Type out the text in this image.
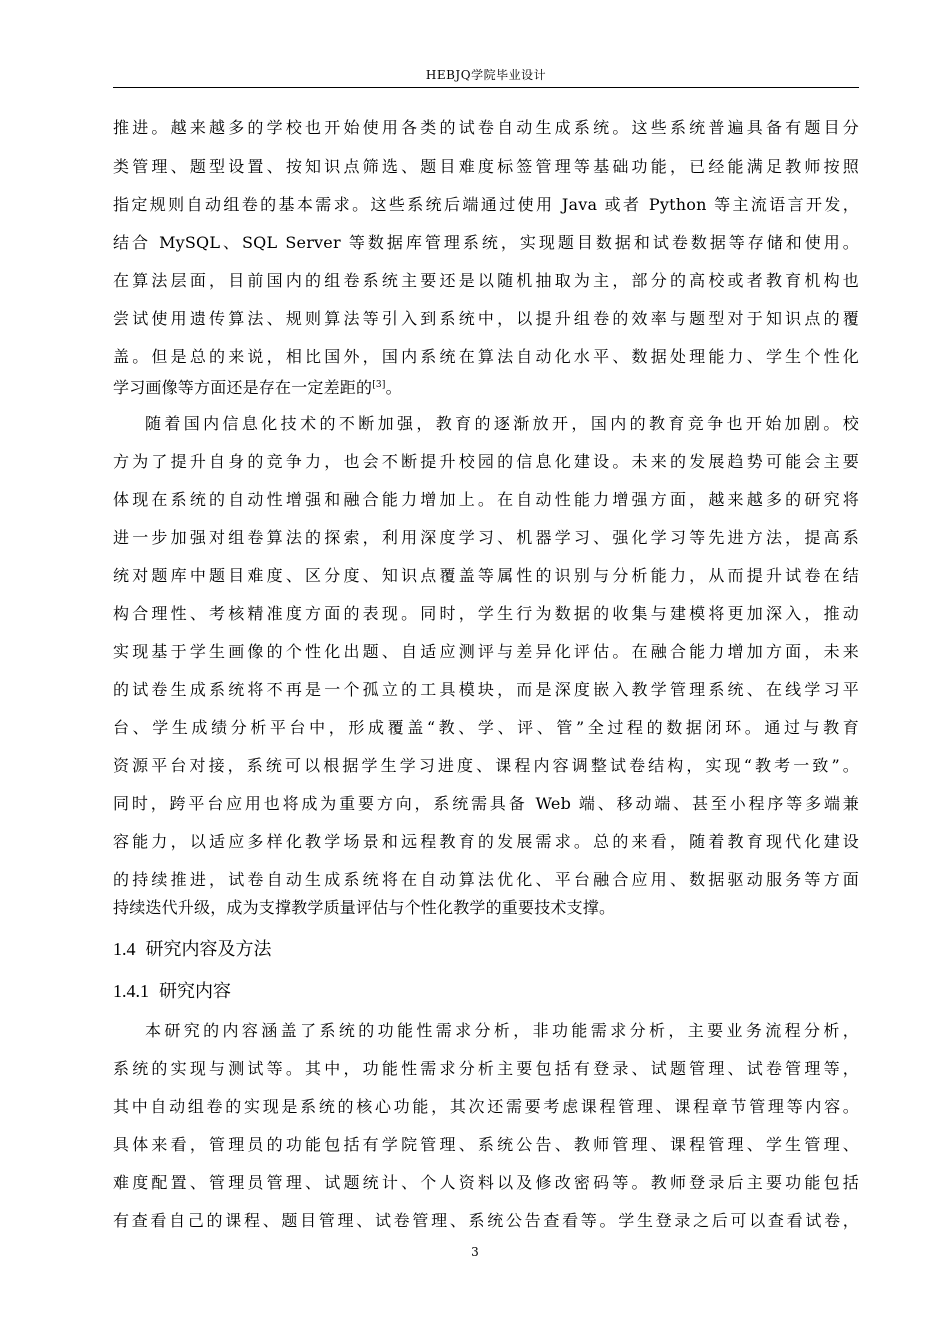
HEBJQ学院毕业设计
推进。越来越多的学校也开始使用各类的试卷自动生成系统。这些系统普遍具备有题目分
类管理、题型设置、按知识点筛选、题目难度标签管理等基础功能，已经能满足教师按照
指定规则自动组卷的基本需求。这些系统后端通过使用 Java 或者 Python 等主流语言开发，
结合 MySQL、SQL Server 等数据库管理系统，实现题目数据和试卷数据等存储和使用。
在算法层面，目前国内的组卷系统主要还是以随机抽取为主，部分的高校或者教育机构也
尝试使用遗传算法、规则算法等引入到系统中，以提升组卷的效率与题型对于知识点的覆
盖。但是总的来说，相比国外，国内系统在算法自动化水平、数据处理能力、学生个性化
学习画像等方面还是存在一定差距的[3]。
随着国内信息化技术的不断加强，教育的逐渐放开，国内的教育竞争也开始加剧。校
方为了提升自身的竞争力，也会不断提升校园的信息化建设。未来的发展趋势可能会主要
体现在系统的自动性增强和融合能力增加上。在自动性能力增强方面，越来越多的研究将
进一步加强对组卷算法的探索，利用深度学习、机器学习、强化学习等先进方法，提高系
统对题库中题目难度、区分度、知识点覆盖等属性的识别与分析能力，从而提升试卷在结
构合理性、考核精准度方面的表现。同时，学生行为数据的收集与建模将更加深入，推动
实现基于学生画像的个性化出题、自适应测评与差异化评估。在融合能力增加方面，未来
的试卷生成系统将不再是一个孤立的工具模块，而是深度嵌入教学管理系统、在线学习平
台、学生成绩分析平台中，形成覆盖“教、学、评、管”全过程的数据闭环。通过与教育
资源平台对接，系统可以根据学生学习进度、课程内容调整试卷结构，实现“教考一致”。
同时，跨平台应用也将成为重要方向，系统需具备 Web 端、移动端、甚至小程序等多端兼
容能力，以适应多样化教学场景和远程教育的发展需求。总的来看，随着教育现代化建设
的持续推进，试卷自动生成系统将在自动算法优化、平台融合应用、数据驱动服务等方面
持续迭代升级，成为支撑教学质量评估与个性化教学的重要技术支撑。
1.4 研究内容及方法
1.4.1 研究内容
本研究的内容涵盖了系统的功能性需求分析，非功能需求分析，主要业务流程分析，
系统的实现与测试等。其中，功能性需求分析主要包括有登录、试题管理、试卷管理等，
其中自动组卷的实现是系统的核心功能，其次还需要考虑课程管理、课程章节管理等内容。
具体来看，管理员的功能包括有学院管理、系统公告、教师管理、课程管理、学生管理、
难度配置、管理员管理、试题统计、个人资料以及修改密码等。教师登录后主要功能包括
有查看自己的课程、题目管理、试卷管理、系统公告查看等。学生登录之后可以查看试卷，
3
